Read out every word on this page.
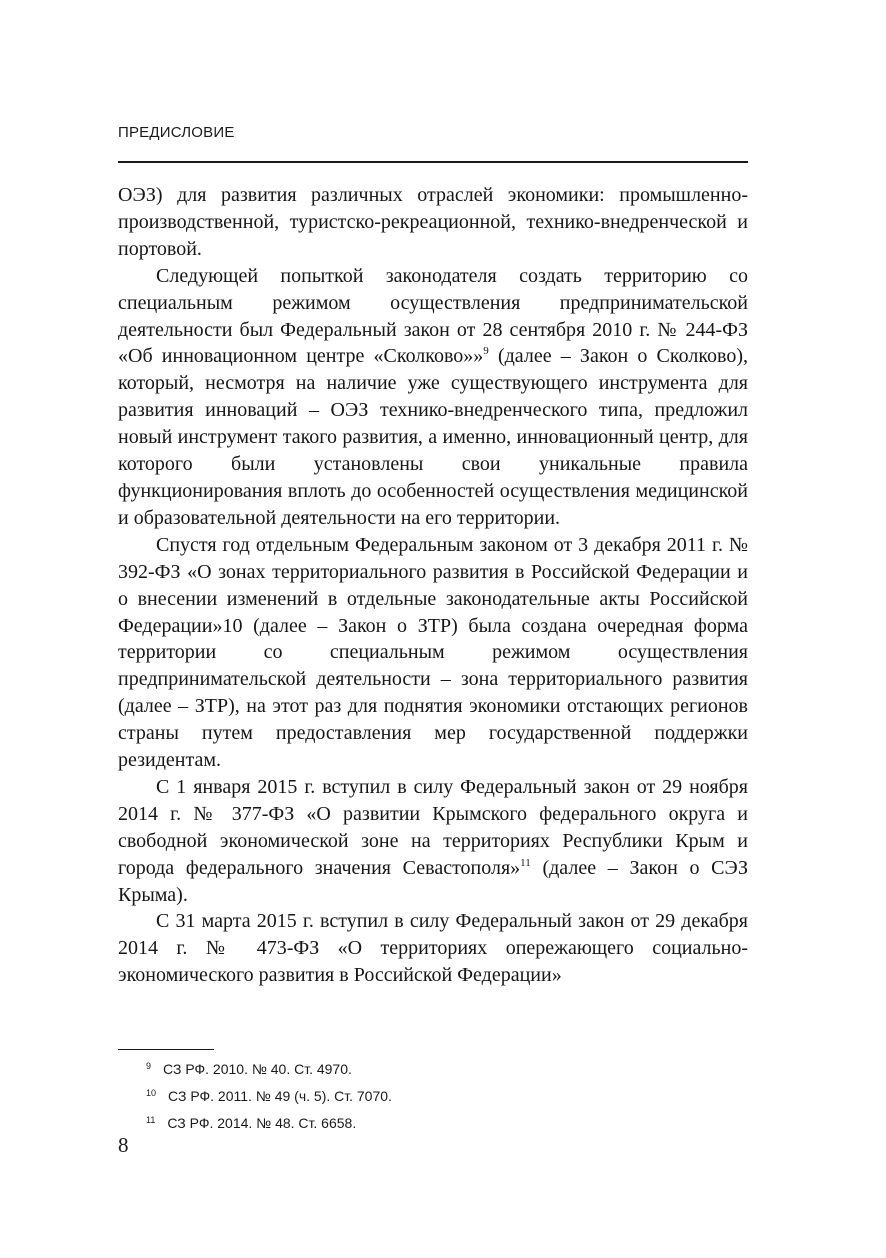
ПРЕДИСЛОВИЕ

ОЭЗ) для развития различных отраслей экономики: промышленно-производственной, туристско-рекреационной, технико-внедренческой и портовой.

Следующей попыткой законодателя создать территорию со специальным режимом осуществления предпринимательской деятельности был Федеральный закон от 28 сентября 2010 г. № 244-ФЗ «Об инновационном центре «Сколково»»$^9$ (далее – Закон о Сколково), который, несмотря на наличие уже существующего инструмента для развития инноваций – ОЭЗ технико-внедренческого типа, предложил новый инструмент такого развития, а именно, инновационный центр, для которого были установлены свои уникальные правила функционирования вплоть до особенностей осуществления медицинской и образовательной деятельности на его территории.

Спустя год отдельным Федеральным законом от 3 декабря 2011 г. № 392-ФЗ «О зонах территориального развития в Российской Федерации и о внесении изменений в отдельные законодательные акты Российской Федерации»10 (далее – Закон о ЗТР) была создана очередная форма территории со специальным режимом осуществления предпринимательской деятельности – зона территориального развития (далее – ЗТР), на этот раз для поднятия экономики отстающих регионов страны путем предоставления мер государственной поддержки резидентам.

С 1 января 2015 г. вступил в силу Федеральный закон от 29 ноября 2014 г. № 377-ФЗ «О развитии Крымского федерального округа и свободной экономической зоне на территориях Республики Крым и города федерального значения Севастополя»$^{11}$ (далее – Закон о СЭЗ Крыма).

С 31 марта 2015 г. вступил в силу Федеральный закон от 29 декабря 2014 г. № 473-ФЗ «О территориях опережающего социально-экономического развития в Российской Федерации»

$^9$ СЗ РФ. 2010. № 40. Ст. 4970.
$^{10}$ СЗ РФ. 2011. № 49 (ч. 5). Ст. 7070.
$^{11}$ СЗ РФ. 2014. № 48. Ст. 6658.
8
